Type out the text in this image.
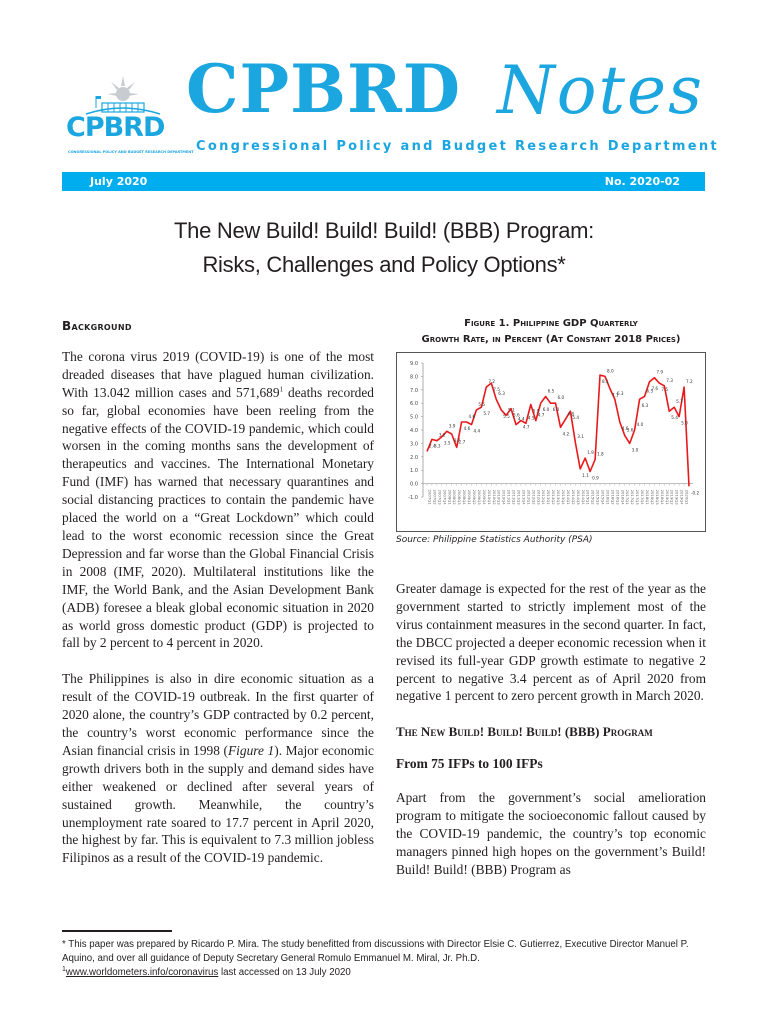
CPBRD
CONGRESSIONAL POLICY AND BUDGET RESEARCH DEPARTMENT
CPBRD Notes
Congressional Policy and Budget Research Department
July 2020	No. 2020-02
The New Build! Build! Build! (BBB) Program:
Risks, Challenges and Policy Options*
Background

The corona virus 2019 (COVID-19) is one of the most dreaded diseases that have plagued human civilization. With 13.042 million cases and 571,689$^1$ deaths recorded so far, global economies have been reeling from the negative effects of the COVID-19 pandemic, which could worsen in the coming months sans the development of therapeutics and vaccines. The International Monetary Fund (IMF) has warned that necessary quarantines and social distancing practices to contain the pandemic have placed the world on a “Great Lockdown” which could lead to the worst economic recession since the Great Depression and far worse than the Global Financial Crisis in 2008 (IMF, 2020). Multilateral institutions like the IMF, the World Bank, and the Asian Development Bank (ADB) foresee a bleak global economic situation in 2020 as world gross domestic product (GDP) is projected to fall by 2 percent to 4 percent in 2020.

The Philippines is also in dire economic situation as a result of the COVID-19 outbreak. In the first quarter of 2020 alone, the country’s GDP contracted by 0.2 percent, the country’s worst economic performance since the Asian financial crisis in 1998 (Figure 1). Major economic growth drivers both in the supply and demand sides have either weakened or declined after several years of sustained growth. Meanwhile, the country’s unemployment rate soared to 17.7 percent in April 2020, the highest by far. This is equivalent to 7.3 million jobless Filipinos as a result of the COVID-19 pandemic.

Figure 1. Philippine GDP Quarterly
Growth Rate, in Percent (At Constant 2018 Prices)
-1.0
0.0
1.0
2.0
3.0
4.0
5.0
6.0
7.0
8.0
9.0
2007Q1 2007Q2 2007Q3 2007Q4 2008Q1 2008Q2 2008Q3 2008Q4 2009Q1 2009Q2 2009Q3 2009Q4 2010Q1 2010Q2 2010Q3 2010Q4 2011Q1 2011Q2 2011Q3 2011Q4 2012Q1 2012Q2 2012Q3 2012Q4 2013Q1 2013Q2 2013Q3 2013Q4 2014Q1 2014Q2 2014Q3 2014Q4 2015Q1 2015Q2 2015Q3 2015Q4 2016Q1 2016Q2 2016Q3 2016Q4 2017Q1 2017Q2 2017Q3 2017Q4 2018Q1 2018Q2 2018Q3 2018Q4 2019Q1 2019Q2 2019Q3 2019Q4 2020Q1
2.4
3.3
3.2
3.5
3.9
3.7
2.7
4.6
4.6
4.4
5.5
5.7
7.2
7.5
6.3
5.5
5.1
5.6
4.4
4.7
4.5
5.9
4.7
6.0
6.5
6.0
6.0
4.2
4.8
5.4
3.1
1.1
1.9
0.9
1.8
8.1
8.0
7.1
6.3
4.6
3.6
3.0
4.0
6.3
6.5
7.6
7.9
7.5
7.3
5.4
5.7
5.0
7.2
-0.2
Source: Philippine Statistics Authority (PSA)

Greater damage is expected for the rest of the year as the government started to strictly implement most of the virus containment measures in the second quarter. In fact, the DBCC projected a deeper economic recession when it revised its full-year GDP growth estimate to negative 2 percent to negative 3.4 percent as of April 2020 from negative 1 percent to zero percent growth in March 2020.

The New Build! Build! Build! (BBB) Program
From 75 IFPs to 100 IFPs

Apart from the government’s social amelioration program to mitigate the socioeconomic fallout caused by the COVID-19 pandemic, the country’s top economic managers pinned high hopes on the government’s Build! Build! Build! (BBB) Program as

* This paper was prepared by Ricardo P. Mira. The study benefitted from discussions with Director Elsie C. Gutierrez, Executive Director Manuel P. Aquino, and over all guidance of Deputy Secretary General Romulo Emmanuel M. Miral, Jr. Ph.D.
$^1$www.worldometers.info/coronavirus last accessed on 13 July 2020
